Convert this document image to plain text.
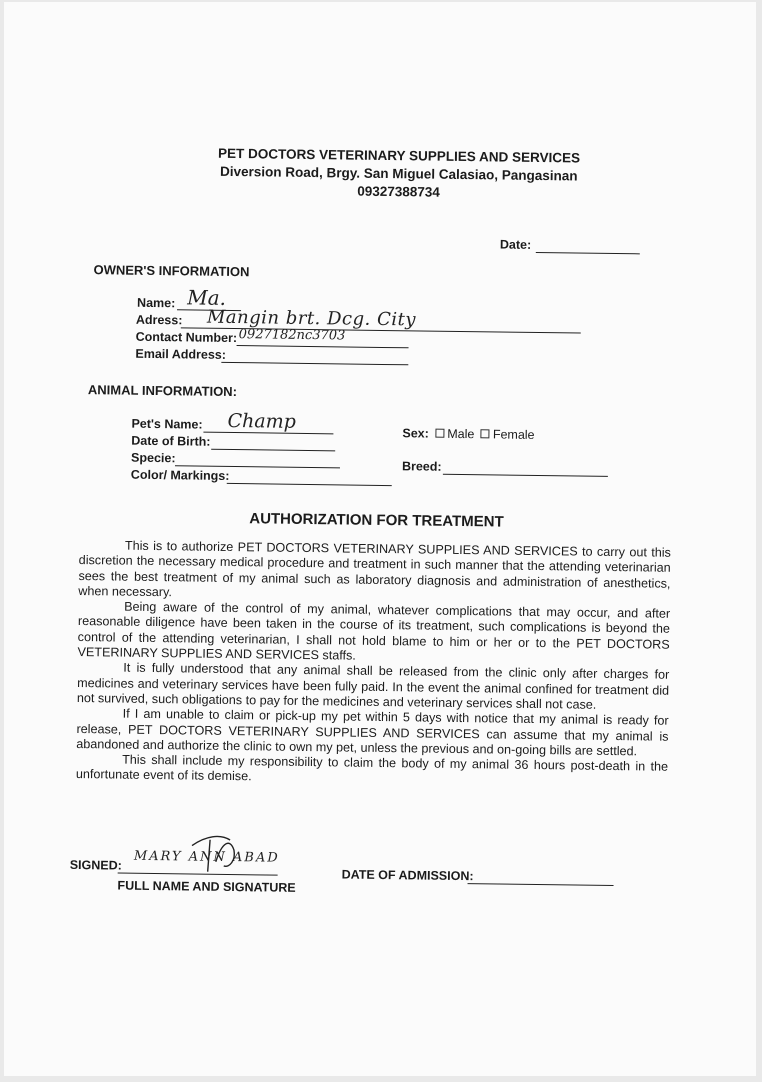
PET DOCTORS VETERINARY SUPPLIES AND SERVICES
Diversion Road, Brgy. San Miguel Calasiao, Pangasinan
09327388734
Date:
OWNER'S INFORMATION
Name: Ma.
Adress: Mangin brt. Dcg. City
Contact Number: 0927182nc3703
Email Address:
ANIMAL INFORMATION:
Pet's Name: Champ
Date of Birth:
Specie:
Color/ Markings:
Sex: Male Female
Breed:
AUTHORIZATION FOR TREATMENT

This is to authorize PET DOCTORS VETERINARY SUPPLIES AND SERVICES to carry out this discretion the necessary medical procedure and treatment in such manner that the attending veterinarian sees the best treatment of my animal such as laboratory diagnosis and administration of anesthetics, when necessary.

Being aware of the control of my animal, whatever complications that may occur, and after reasonable diligence have been taken in the course of its treatment, such complications is beyond the control of the attending veterinarian, I shall not hold blame to him or her or to the PET DOCTORS VETERINARY SUPPLIES AND SERVICES staffs.

It is fully understood that any animal shall be released from the clinic only after charges for medicines and veterinary services have been fully paid. In the event the animal confined for treatment did not survived, such obligations to pay for the medicines and veterinary services shall not case.

If I am unable to claim or pick-up my pet within 5 days with notice that my animal is ready for release, PET DOCTORS VETERINARY SUPPLIES AND SERVICES can assume that my animal is abandoned and authorize the clinic to own my pet, unless the previous and on-going bills are settled.

This shall include my responsibility to claim the body of my animal 36 hours post-death in the unfortunate event of its demise.

SIGNED: MARY ANN ABAD
FULL NAME AND SIGNATURE
DATE OF ADMISSION:
